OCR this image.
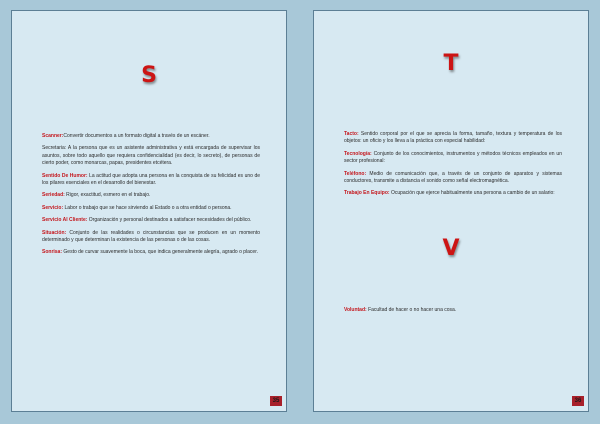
S

Scanner:Convertir documentos a un formato digital a través de un escáner.

Secretaria: A la persona que es un asistente administrativa y está encargada de supervisar los asuntos, sobre todo aquello que requiera confidencialidad (es decir, lo secreto), de personas de cierto poder, como monarcas, papas, presidentes etcétera.

Sentido De Humor: La actitud que adopta una persona en la conquista de su felicidad es uno de los pilares esenciales en el desarrollo del bienestar.

Seriedad: Rigor, exactitud, esmero en el trabajo.

Servicio: Labor o trabajo que se hace sirviendo al Estado o a otra entidad o persona.

Servicio Al Cliente: Organización y personal destinados a satisfacer necesidades del público.

Situación: Conjunto de las realidades o circunstancias que se producen en un momento determinado y que determinan la existencia de las personas o de las cosas.

Sonrisa: Gesto de curvar suavemente la boca, que indica generalmente alegría, agrado o placer.

35
T

Tacto: Sentido corporal por el que se aprecia la forma, tamaño, textura y temperatura de los objetos: un oficio y los lleva a la práctica con especial habilidad:

Tecnología: Conjunto de los conocimientos, instrumentos y métodos técnicos empleados en un sector profesional:

Teléfono: Medio de comunicación que, a través de un conjunto de aparatos y sistemas conductores, transmite a distancia el sonido como señal electromagnética.

Trabajo En Equipo: Ocupación que ejerce habitualmente una persona a cambio de un salario:

V

Voluntad: Facultad de hacer o no hacer una cosa.

36
